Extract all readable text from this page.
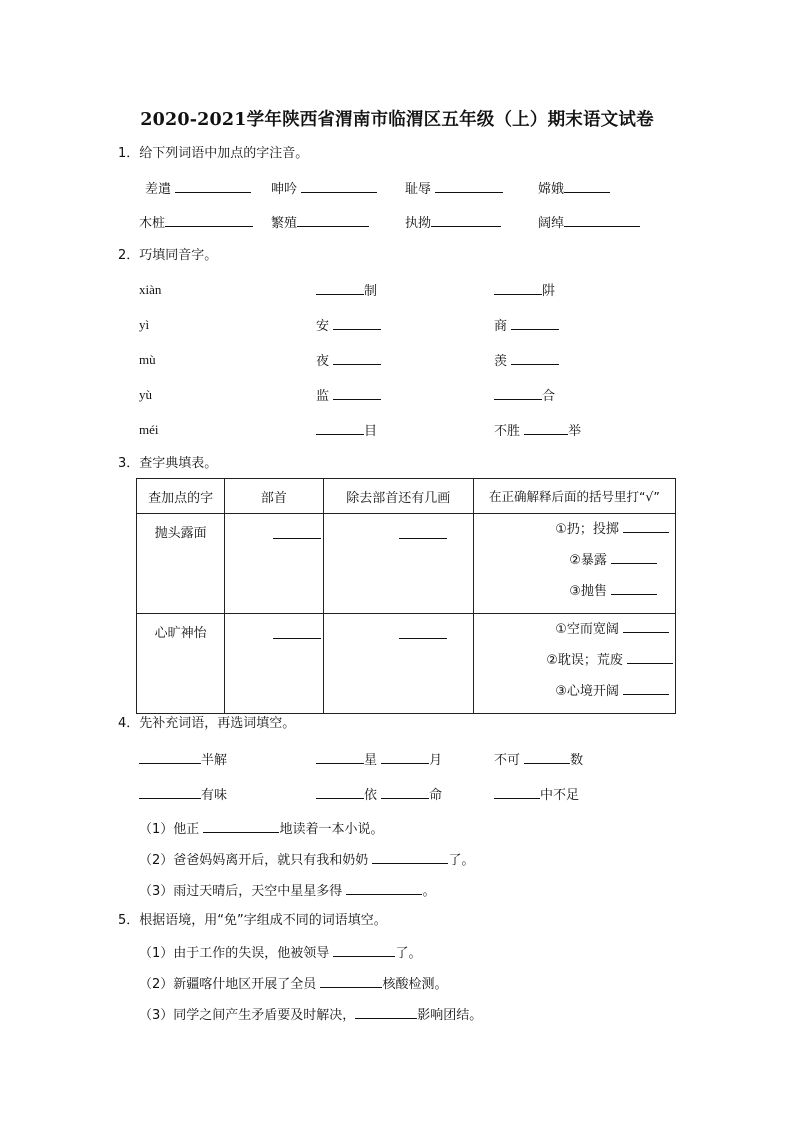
2020-2021学年陕西省渭南市临渭区五年级（上）期末语文试卷
1．给下列词语中加点的字注音。
差遣	呻吟	耻辱	嫦娥
木桩	繁殖	执拗	阔绰
2．巧填同音字。
xiàn	制	阱
yì	安	商
mù	夜	羡
yù	监	合
méi	目	不胜	举
3．查字典填表。
查加点的字	部首	除去部首还有几画	在正确解释后面的括号里打“√”

抛头露面			①扔；投掷
②暴露
③抛售

心旷神怡			①空而宽阔
②耽误；荒废
③心境开阔
4．先补充词语，再选词填空。
半解	星	月	不可	数
有味	依	命	中不足
（1）他正	地读着一本小说。
（2）爸爸妈妈离开后，就只有我和奶奶	了。
（3）雨过天晴后，天空中星星多得	。
5．根据语境，用“免”字组成不同的词语填空。
（1）由于工作的失误，他被领导	了。
（2）新疆喀什地区开展了全员	核酸检测。
（3）同学之间产生矛盾要及时解决，	影响团结。
